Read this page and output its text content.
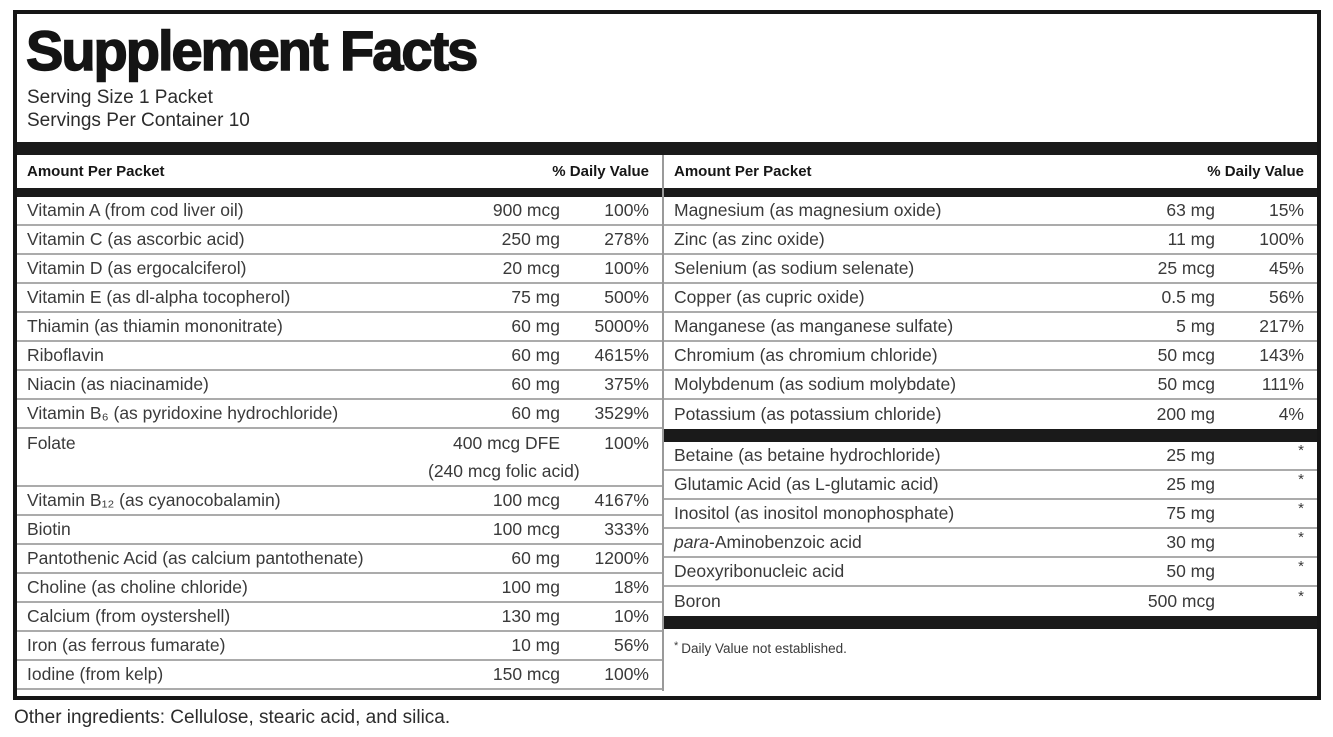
Supplement Facts
Serving Size 1 Packet
Servings Per Container 10
Amount Per Packet	% Daily Value
Vitamin A (from cod liver oil)	900 mcg	100%
Vitamin C (as ascorbic acid)	250 mg	278%
Vitamin D (as ergocalciferol)	20 mcg	100%
Vitamin E (as dl-alpha tocopherol)	75 mg	500%
Thiamin (as thiamin mononitrate)	60 mg	5000%
Riboflavin	60 mg	4615%
Niacin (as niacinamide)	60 mg	375%
Vitamin B₆ (as pyridoxine hydrochloride)	60 mg	3529%
Folate	400 mcg DFE	100%
(240 mcg folic acid)
Vitamin B₁₂ (as cyanocobalamin)	100 mcg	4167%
Biotin	100 mcg	333%
Pantothenic Acid (as calcium pantothenate)	60 mg	1200%
Choline (as choline chloride)	100 mg	18%
Calcium (from oystershell)	130 mg	10%
Iron (as ferrous fumarate)	10 mg	56%
Iodine (from kelp)	150 mcg	100%
Amount Per Packet	% Daily Value
Magnesium (as magnesium oxide)	63 mg	15%
Zinc (as zinc oxide)	11 mg	100%
Selenium (as sodium selenate)	25 mcg	45%
Copper (as cupric oxide)	0.5 mg	56%
Manganese (as manganese sulfate)	5 mg	217%
Chromium (as chromium chloride)	50 mcg	143%
Molybdenum (as sodium molybdate)	50 mcg	111%
Potassium (as potassium chloride)	200 mg	4%
Betaine (as betaine hydrochloride)	25 mg	*
Glutamic Acid (as L-glutamic acid)	25 mg	*
Inositol (as inositol monophosphate)	75 mg	*
para-Aminobenzoic acid	30 mg	*
Deoxyribonucleic acid	50 mg	*
Boron	500 mcg	*
* Daily Value not established.
Other ingredients: Cellulose, stearic acid, and silica.
